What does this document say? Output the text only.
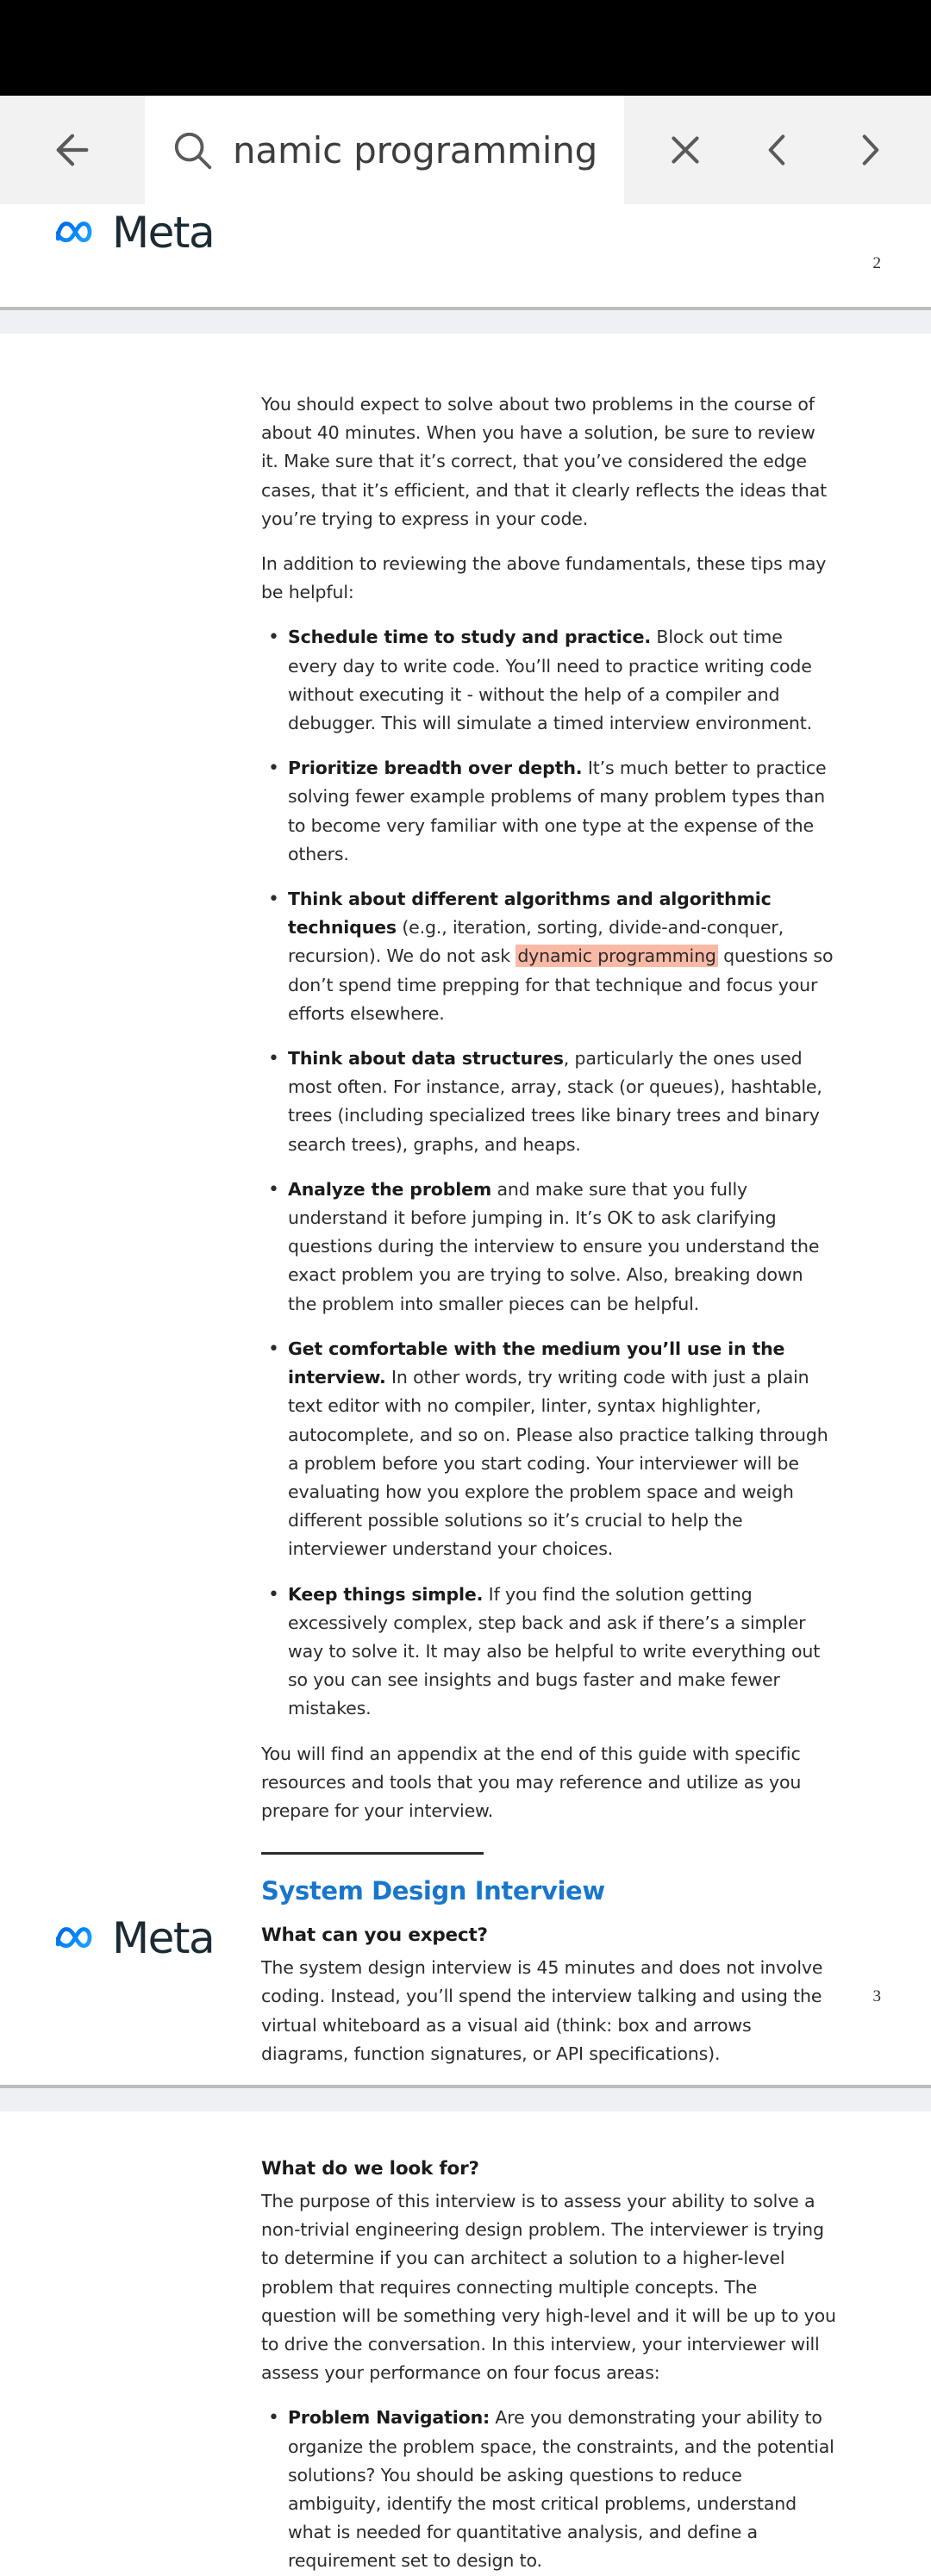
namic programming
Meta
2

You should expect to solve about two problems in the course of about 40 minutes. When you have a solution, be sure to review it. Make sure that it’s correct, that you’ve considered the edge cases, that it’s efficient, and that it clearly reflects the ideas that you’re trying to express in your code.

In addition to reviewing the above fundamentals, these tips may be helpful:

• Schedule time to study and practice. Block out time every day to write code. You’ll need to practice writing code without executing it - without the help of a compiler and debugger. This will simulate a timed interview environment.
• Prioritize breadth over depth. It’s much better to practice solving fewer example problems of many problem types than to become very familiar with one type at the expense of the others.
• Think about different algorithms and algorithmic techniques (e.g., iteration, sorting, divide-and-conquer, recursion). We do not ask dynamic programming questions so don’t spend time prepping for that technique and focus your efforts elsewhere.
• Think about data structures, particularly the ones used most often. For instance, array, stack (or queues), hashtable, trees (including specialized trees like binary trees and binary search trees), graphs, and heaps.
• Analyze the problem and make sure that you fully understand it before jumping in. It’s OK to ask clarifying questions during the interview to ensure you understand the exact problem you are trying to solve. Also, breaking down the problem into smaller pieces can be helpful.
• Get comfortable with the medium you’ll use in the interview. In other words, try writing code with just a plain text editor with no compiler, linter, syntax highlighter, autocomplete, and so on. Please also practice talking through a problem before you start coding. Your interviewer will be evaluating how you explore the problem space and weigh different possible solutions so it’s crucial to help the interviewer understand your choices.
• Keep things simple. If you find the solution getting excessively complex, step back and ask if there’s a simpler way to solve it. It may also be helpful to write everything out so you can see insights and bugs faster and make fewer mistakes.

You will find an appendix at the end of this guide with specific resources and tools that you may reference and utilize as you prepare for your interview.

System Design Interview
What can you expect?

The system design interview is 45 minutes and does not involve coding. Instead, you’ll spend the interview talking and using the virtual whiteboard as a visual aid (think: box and arrows diagrams, function signatures, or API specifications).

Meta
3
What do we look for?

The purpose of this interview is to assess your ability to solve a non-trivial engineering design problem. The interviewer is trying to determine if you can architect a solution to a higher-level problem that requires connecting multiple concepts. The question will be something very high-level and it will be up to you to drive the conversation. In this interview, your interviewer will assess your performance on four focus areas:

• Problem Navigation: Are you demonstrating your ability to organize the problem space, the constraints, and the potential solutions? You should be asking questions to reduce ambiguity, identify the most critical problems, understand what is needed for quantitative analysis, and define a requirement set to design to.
